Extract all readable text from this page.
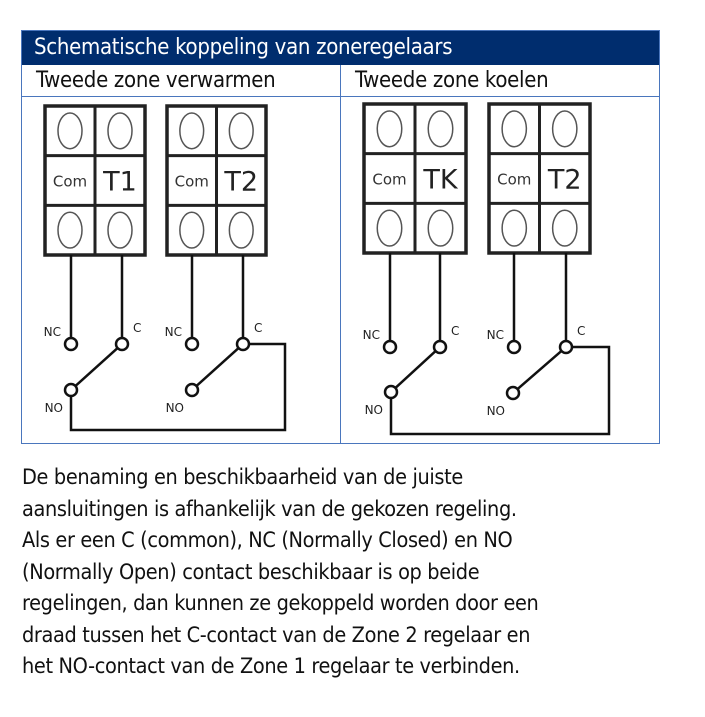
Schematische koppeling van zoneregelaars
Tweede zone verwarmen	Tweede zone koelen
Com T1	Com T2	Com TK	Com T2
NC	C
NO
NC	C
NO
NC	C
NO
NC	C
NO
De benaming en beschikbaarheid van de juiste
aansluitingen is afhankelijk van de gekozen regeling.
Als er een C (common), NC (Normally Closed) en NO
(Normally Open) contact beschikbaar is op beide
regelingen, dan kunnen ze gekoppeld worden door een
draad tussen het C-contact van de Zone 2 regelaar en
het NO-contact van de Zone 1 regelaar te verbinden.
